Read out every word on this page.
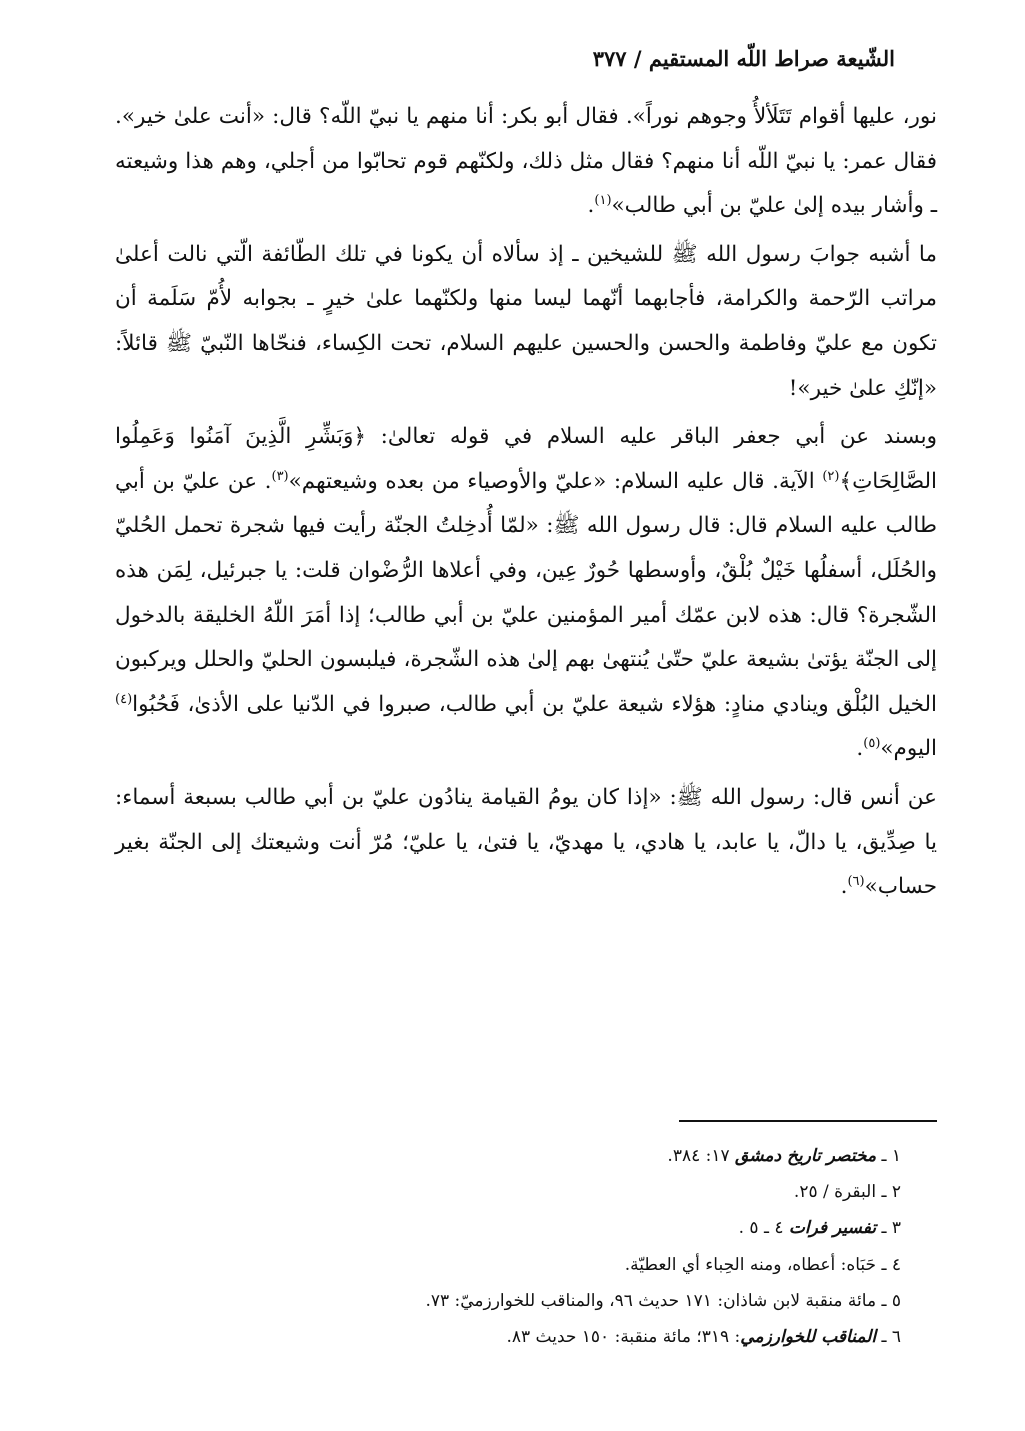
الشّيعة صراط اللّه المستقيم / ٣٧٧

نور، عليها أقوام تَتَلَألأُ وجوهم نوراً». فقال أبو بكر: أنا منهم يا نبيّ اللّه؟ قال: «أنت علىٰ خير». فقال عمر: يا نبيّ اللّه أنا منهم؟ فقال مثل ذلك، ولكنّهم قوم تحابّوا من أجلي، وهم هذا وشيعته ـ وأشار بيده إلىٰ عليّ بن أبي طالب»$^{(١)}$.

ما أشبه جوابَ رسول الله ﷺ للشيخين ـ إذ سألاه أن يكونا في تلك الطّائفة الّتي نالت أعلىٰ مراتب الرّحمة والكرامة، فأجابهما أنّهما ليسا منها ولكنّهما علىٰ خيرٍ ـ بجوابه لأُمّ سَلَمة أن تكون مع عليّ وفاطمة والحسن والحسين عليهم السلام، تحت الكِساء، فنحّاها النّبيّ ﷺ قائلاً: «إنّكِ علىٰ خير»!

وبسند عن أبي جعفر الباقر عليه السلام في قوله تعالىٰ: ﴿وَبَشِّرِ الَّذِينَ آمَنُوا وَعَمِلُوا الصَّالِحَاتِ﴾$^{(٢)}$ الآية. قال عليه السلام: «عليّ والأوصياء من بعده وشيعتهم»$^{(٣)}$. عن عليّ بن أبي طالب عليه السلام قال: قال رسول الله ﷺ: «لمّا أُدخِلتُ الجنّة رأيت فيها شجرة تحمل الحُليّ والحُلَل، أسفلُها خَيْلٌ بُلْقٌ، وأوسطها حُورٌ عِين، وفي أعلاها الرُّضْوان قلت: يا جبرئيل، لِمَن هذه الشّجرة؟ قال: هذه لابن عمّك أمير المؤمنين عليّ بن أبي طالب؛ إذا أمَرَ اللّهُ الخليقة بالدخول إلى الجنّة يؤتىٰ بشيعة عليّ حتّىٰ يُنتهىٰ بهم إلىٰ هذه الشّجرة، فيلبسون الحليّ والحلل ويركبون الخيل البُلْق وينادي منادٍ: هؤلاء شيعة عليّ بن أبي طالب، صبروا في الدّنيا على الأذىٰ، فَحُبُوا$^{(٤)}$ اليوم»$^{(٥)}$.

عن أنس قال: رسول الله ﷺ: «إذا كان يومُ القيامة ينادُون عليّ بن أبي طالب بسبعة أسماء: يا صِدِّيق، يا دالّ، يا عابد، يا هادي، يا مهديّ، يا فتىٰ، يا عليّ؛ مُرّ أنت وشيعتك إلى الجنّة بغير حساب»$^{(٦)}$.

١ ـ مختصر تاريخ دمشق ١٧: ٣٨٤.
٢ ـ البقرة / ٢٥.
٣ ـ تفسير فرات ٤ ـ ٥ .
٤ ـ حَبَاه: أعطاه، ومنه الحِباء أي العطيّة.
٥ ـ مائة منقبة لابن شاذان: ١٧١ حديث ٩٦، والمناقب للخوارزميّ: ٧٣.
٦ ـ المناقب للخوارزمي: ٣١٩؛ مائة منقبة: ١٥٠ حديث ٨٣.
